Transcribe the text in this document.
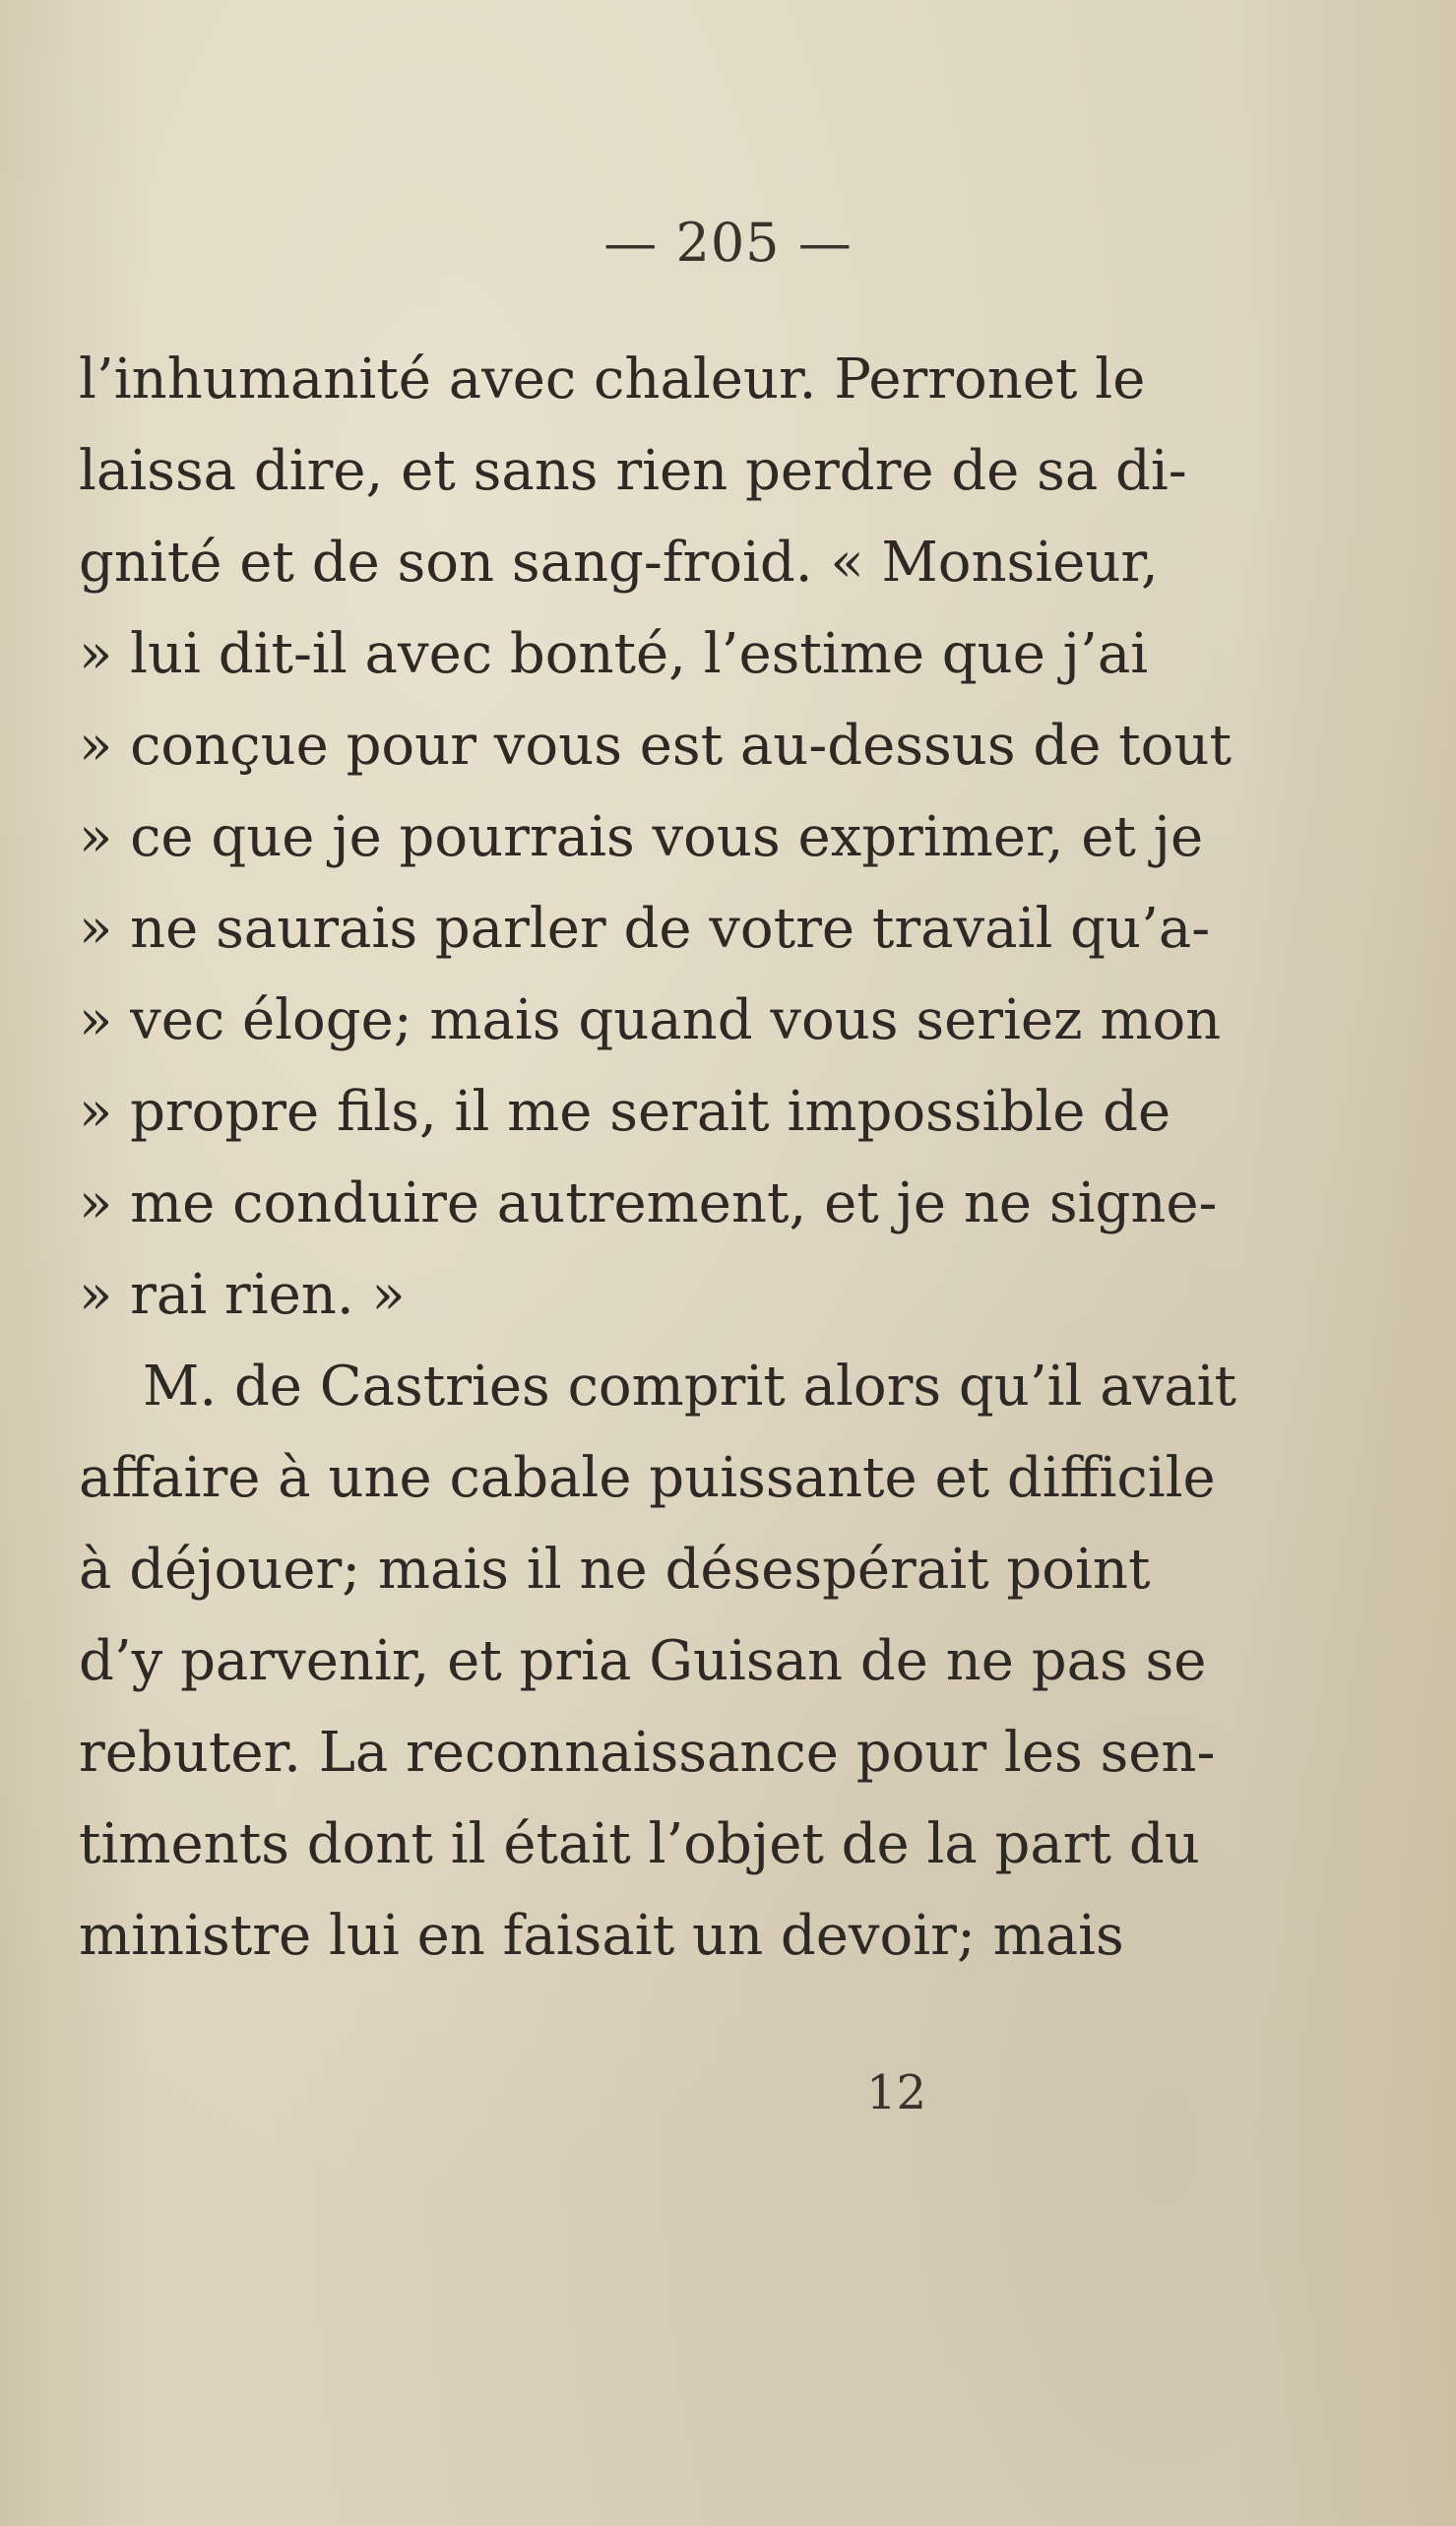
— 205 —
l’inhumanité avec chaleur. Perronet le
laissa dire, et sans rien perdre de sa di-
gnité et de son sang-froid. « Monsieur,
» lui dit-il avec bonté, l’estime que j’ai
» conçue pour vous est au-dessus de tout
» ce que je pourrais vous exprimer, et je
» ne saurais parler de votre travail qu’a-
» vec éloge; mais quand vous seriez mon
» propre fils, il me serait impossible de
» me conduire autrement, et je ne signe-
» rai rien. »
M. de Castries comprit alors qu’il avait
affaire à une cabale puissante et difficile
à déjouer; mais il ne désespérait point
d’y parvenir, et pria Guisan de ne pas se
rebuter. La reconnaissance pour les sen-
timents dont il était l’objet de la part du
ministre lui en faisait un devoir; mais
12
